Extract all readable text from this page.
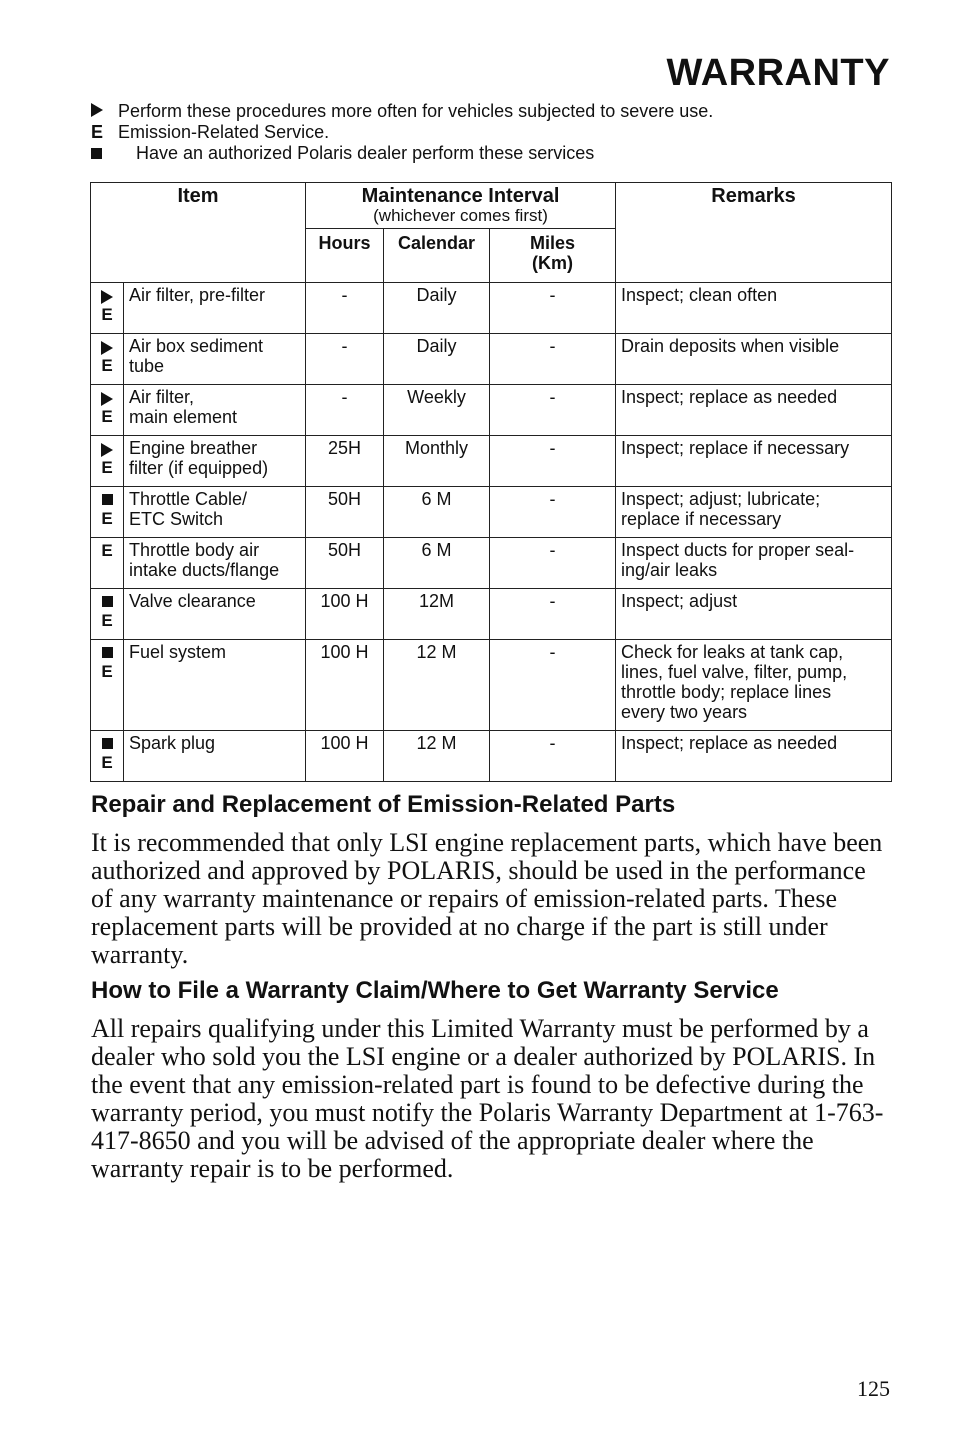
WARRANTY
Perform these procedures more often for vehicles subjected to severe use.
E Emission-Related Service.
Have an authorized Polaris dealer perform these services
Item		Maintenance Interval
(whichever comes first)			Remarks
		Hours	Calendar	Miles
(Km)	

E	Air filter, pre-filter	-	Daily	-	Inspect; clean often

E	Air box sediment
tube	-	Daily	-	Drain deposits when visible

E	Air filter,
main element	-	Weekly	-	Inspect; replace as needed

E	Engine breather
filter (if equipped)	25H	Monthly	-	Inspect; replace if necessary

E	Throttle Cable/
ETC Switch	50H	6 M	-	Inspect; adjust; lubricate;
replace if necessary
E	Throttle body air
intake ducts/flange	50H	6 M	-	Inspect ducts for proper seal-
ing/air leaks

E	Valve clearance	100 H	12M	-	Inspect; adjust

E	Fuel system	100 H	12 M	-	Check for leaks at tank cap,
lines, fuel valve, filter, pump,
throttle body; replace lines
every two years

E	Spark plug	100 H	12 M	-	Inspect; replace as needed
Repair and Replacement of Emission-Related Parts

It is recommended that only LSI engine replacement parts, which have been authorized and approved by POLARIS, should be used in the performance of any warranty maintenance or repairs of emission-related parts. These replacement parts will be provided at no charge if the part is still under warranty.

How to File a Warranty Claim/Where to Get Warranty Service

All repairs qualifying under this Limited Warranty must be performed by a dealer who sold you the LSI engine or a dealer authorized by POLARIS. In the event that any emission-related part is found to be defective during the warranty period, you must notify the Polaris Warranty Department at 1-763-417-8650 and you will be advised of the appropriate dealer where the warranty repair is to be performed.

125
